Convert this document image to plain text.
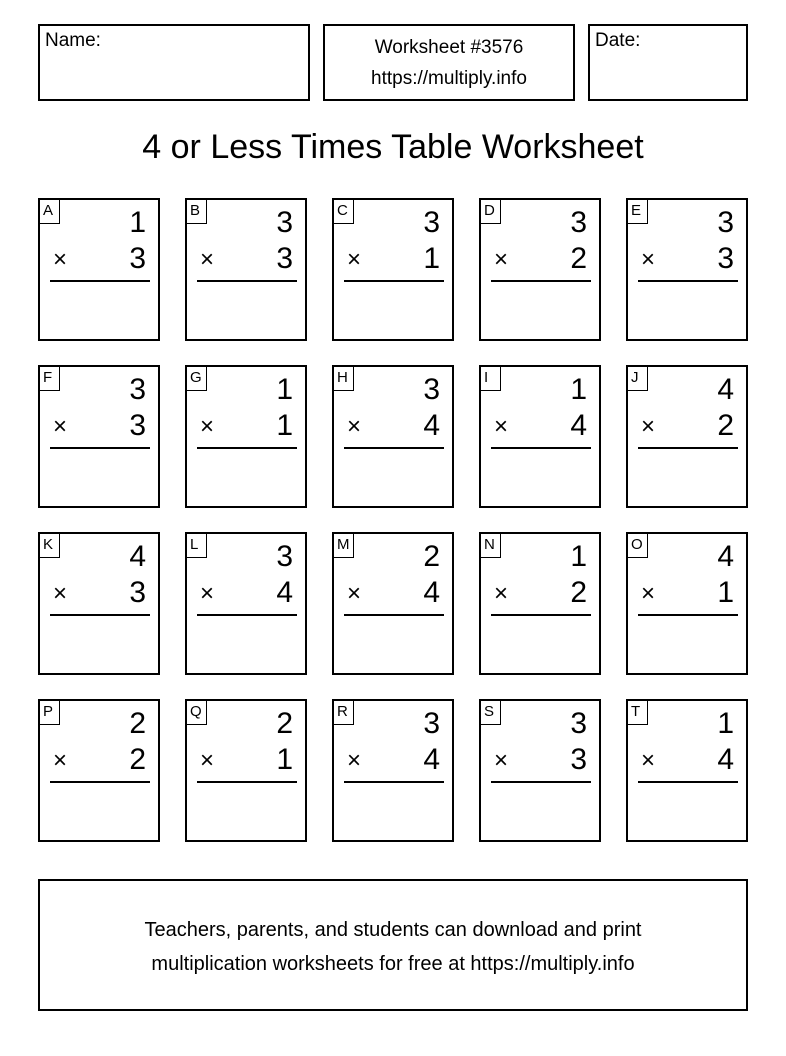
Name:	Worksheet #3576
https://multiply.info
Date:
4 or Less Times Table Worksheet
A	1
× 3
B	3
× 3
C	3
× 1
D	3
× 2
E	3
× 3
F	3
× 3
G 1
× 1
H	3
× 4
I	1
× 4
J	4
× 2
K	4
× 3
L	3
× 4
M 2
× 4
N	1
× 2
O 4
× 1
P	2
× 2
Q 2
× 1
R	3
× 4
S	3
× 3
T	1
× 4
Teachers, parents, and students can download and print
multiplication worksheets for free at https://multiply.info
